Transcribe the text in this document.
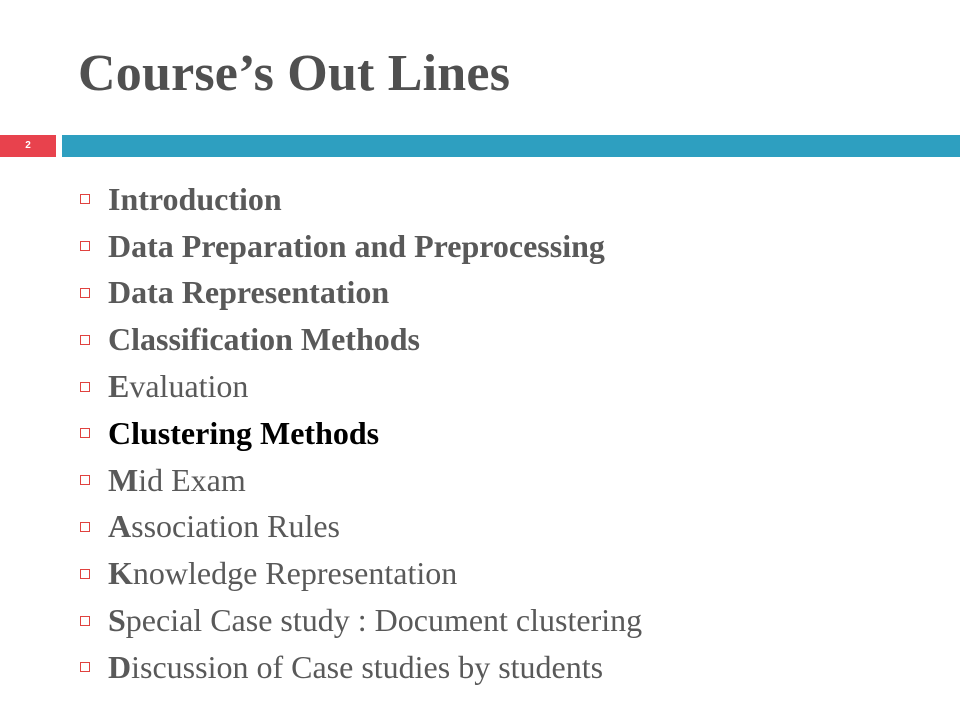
Course’s Out Lines
2
Introduction
Data Preparation and Preprocessing
Data Representation
Classification Methods
Evaluation
Clustering Methods
Mid Exam
Association Rules
Knowledge Representation
Special Case study : Document clustering
Discussion of Case studies by students
